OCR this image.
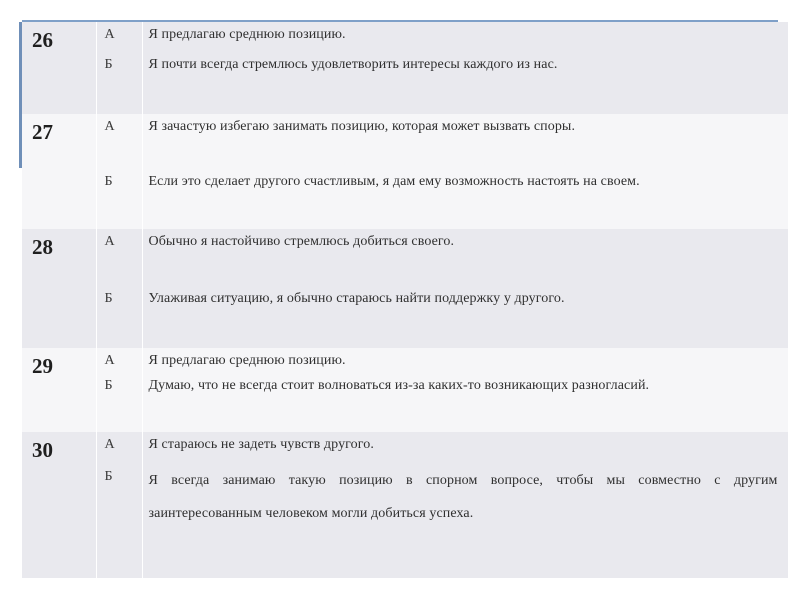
26	А	Я предлагаю среднюю позицию.
	Б	Я почти всегда стремлюсь удовлетворить интересы каждого из нас.
27	А	Я зачастую избегаю занимать позицию, которая может вызвать споры.
	Б	Если это сделает другого счастливым, я дам ему возможность настоять на своем.
28	А	Обычно я настойчиво стремлюсь добиться своего.
	Б	Улаживая ситуацию, я обычно стараюсь найти поддержку у другого.
29	А	Я предлагаю среднюю позицию.
	Б	Думаю, что не всегда стоит волноваться из-за каких-то возникающих разногласий.
30	А	Я стараюсь не задеть чувств другого.
	Б	Я всегда занимаю такую позицию в спорном вопросе, чтобы мы совместно с другим заинтересованным человеком могли добиться успеха.
